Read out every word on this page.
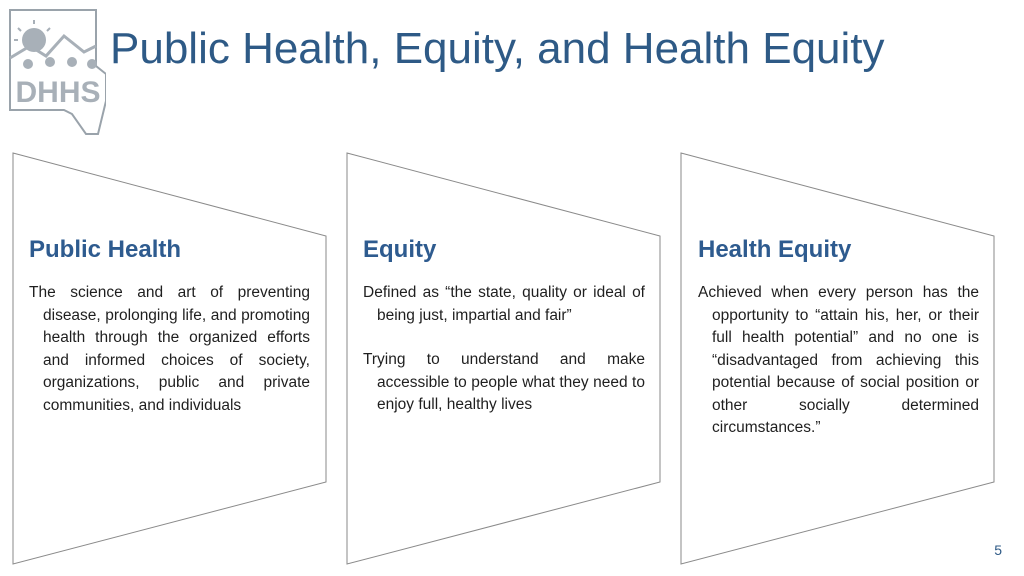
DHHS
Public Health, Equity, and Health Equity
Public Health

The science and art of preventing disease, prolonging life, and promoting health through the organized efforts and informed choices of society, organizations, public and private communities, and individuals

Equity

Defined as “the state, quality or ideal of being just, impartial and fair”

Trying to understand and make accessible to people what they need to enjoy full, healthy lives

Health Equity

Achieved when every person has the opportunity to “attain his, her, or their full health potential” and no one is “disadvantaged from achieving this potential because of social position or other socially determined circumstances.”

5
